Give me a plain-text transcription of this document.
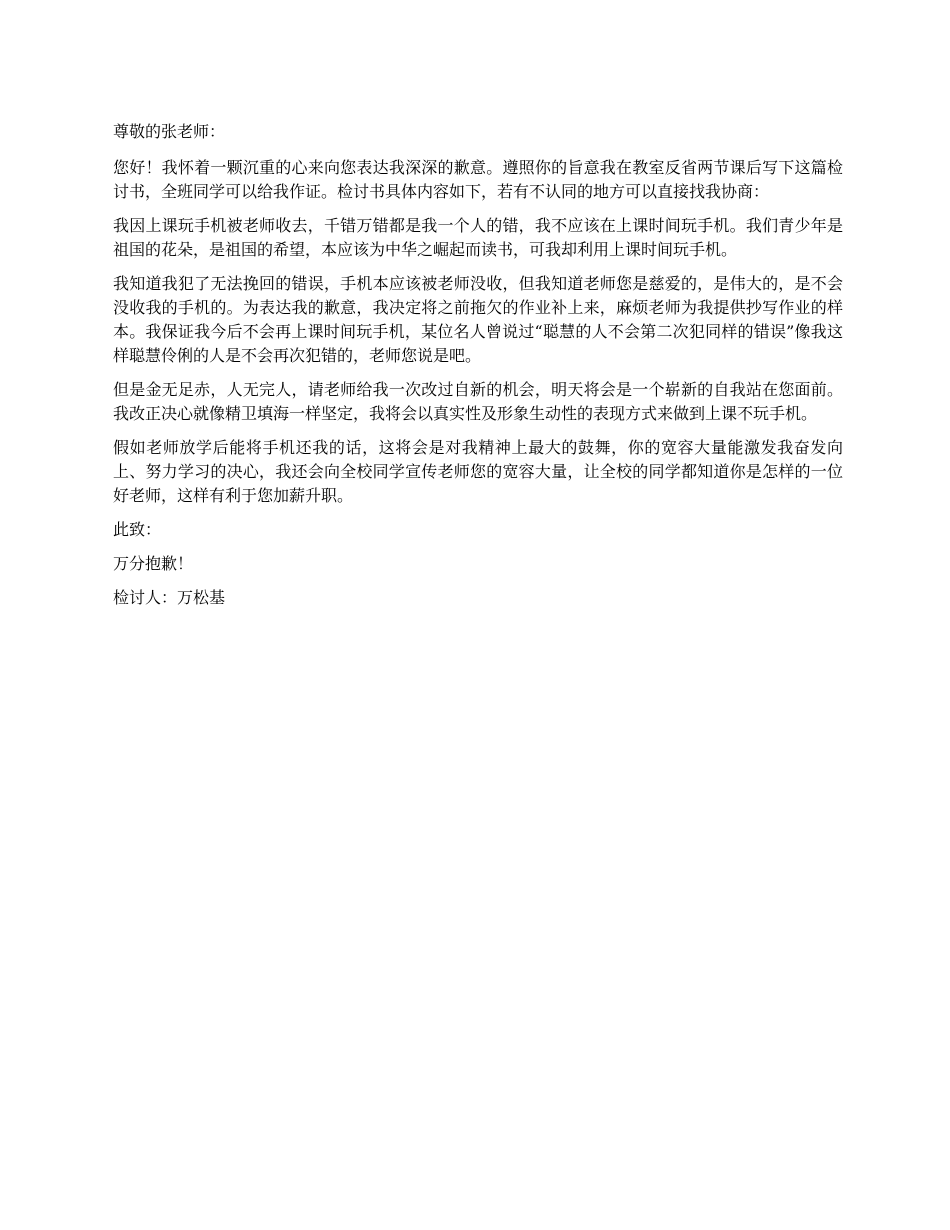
尊敬的张老师：

您好！我怀着一颗沉重的心来向您表达我深深的歉意。遵照你的旨意我在教室反省两节课后写下这篇检讨书，全班同学可以给我作证。检讨书具体内容如下，若有不认同的地方可以直接找我协商：

我因上课玩手机被老师收去，千错万错都是我一个人的错，我不应该在上课时间玩手机。我们青少年是祖国的花朵，是祖国的希望，本应该为中华之崛起而读书，可我却利用上课时间玩手机。

我知道我犯了无法挽回的错误，手机本应该被老师没收，但我知道老师您是慈爱的，是伟大的，是不会没收我的手机的。为表达我的歉意，我决定将之前拖欠的作业补上来，麻烦老师为我提供抄写作业的样本。我保证我今后不会再上课时间玩手机，某位名人曾说过“聪慧的人不会第二次犯同样的错误”像我这样聪慧伶俐的人是不会再次犯错的，老师您说是吧。

但是金无足赤，人无完人，请老师给我一次改过自新的机会，明天将会是一个崭新的自我站在您面前。我改正决心就像精卫填海一样坚定，我将会以真实性及形象生动性的表现方式来做到上课不玩手机。

假如老师放学后能将手机还我的话，这将会是对我精神上最大的鼓舞，你的宽容大量能激发我奋发向上、努力学习的决心，我还会向全校同学宣传老师您的宽容大量，让全校的同学都知道你是怎样的一位好老师，这样有利于您加薪升职。

此致：

万分抱歉！

检讨人：万松基
